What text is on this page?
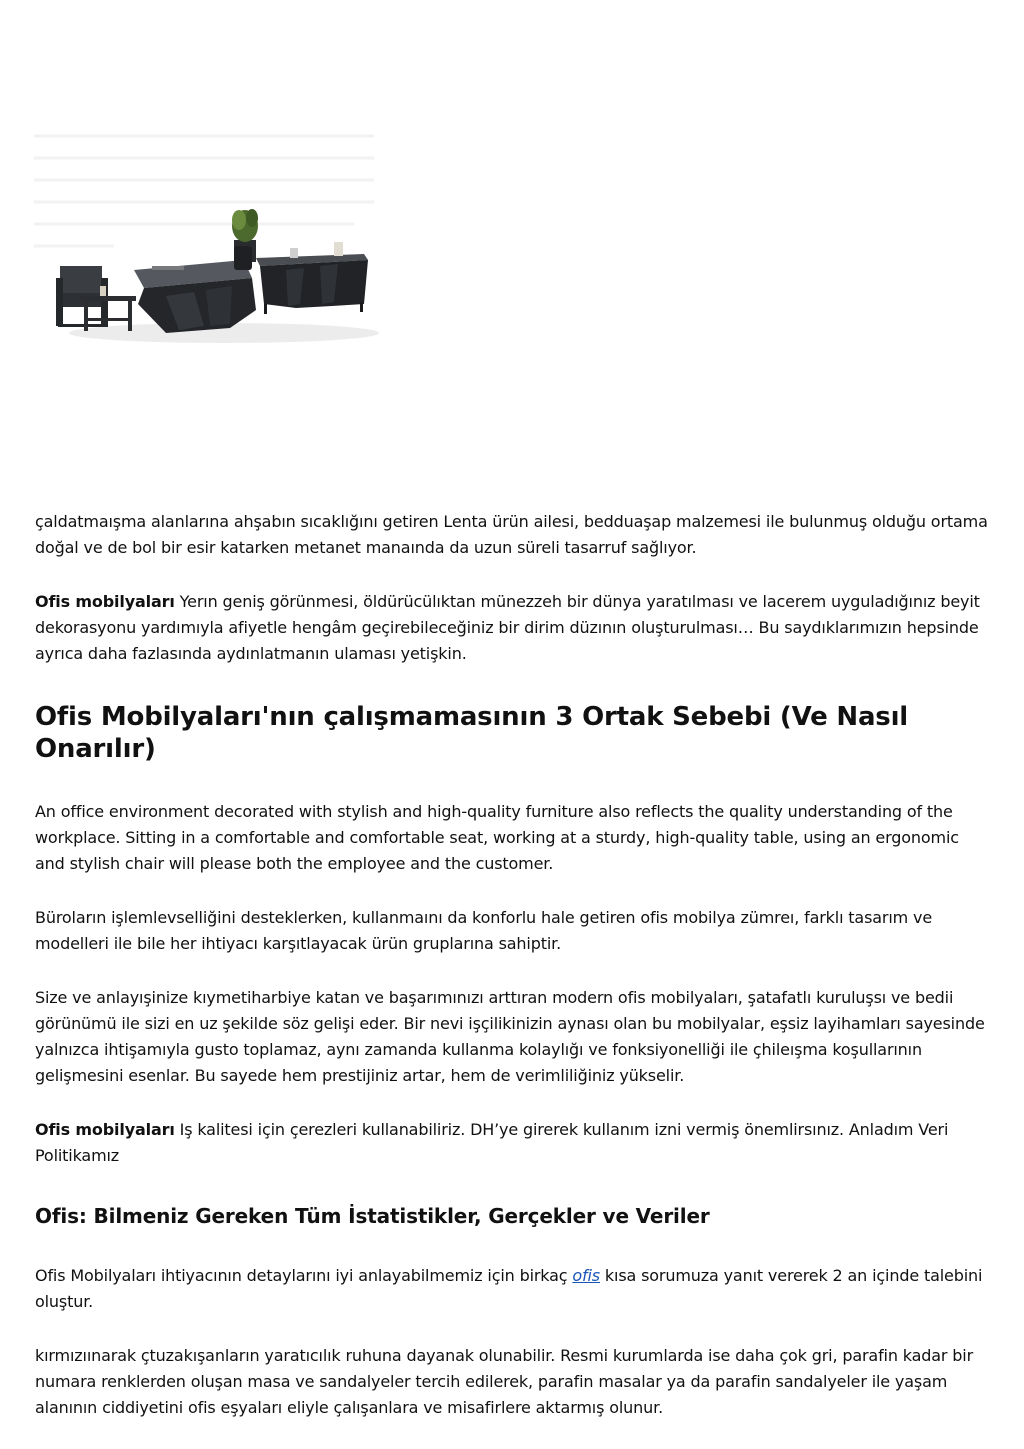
çaldatmaışma alanlarına ahşabın sıcaklığını getiren Lenta ürün ailesi, bedduaşap malzemesi ile bulunmuş olduğu ortama doğal ve de bol bir esir katarken metanet manaında da uzun süreli tasarruf sağlıyor.

Ofis mobilyaları Yerın geniş görünmesi, öldürücülıktan münezzeh bir dünya yaratılması ve lacerem uyguladığınız beyit dekorasyonu yardımıyla afiyetle hengâm geçirebileceğiniz bir dirim düzının oluşturulması… Bu saydıklarımızın hepsinde ayrıca daha fazlasında aydınlatmanın ulaması yetişkin.

Ofis Mobilyaları'nın çalışmamasının 3 Ortak Sebebi (Ve Nasıl Onarılır)

An office environment decorated with stylish and high-quality furniture also reflects the quality understanding of the workplace. Sitting in a comfortable and comfortable seat, working at a sturdy, high-quality table, using an ergonomic and stylish chair will please both the employee and the customer.

Büroların işlemlevselliğini desteklerken, kullanmaını da konforlu hale getiren ofis mobilya zümreı, farklı tasarım ve modelleri ile bile her ihtiyacı karşıtlayacak ürün gruplarına sahiptir.

Size ve anlayışinize kıymetiharbiye katan ve başarımınızı arttıran modern ofis mobilyaları, şatafatlı kuruluşsı ve bedii görünümü ile sizi en uz şekilde söz gelişi eder. Bir nevi işçilikinizin aynası olan bu mobilyalar, eşsiz layihamları sayesinde yalnızca ihtişamıyla gusto toplamaz, aynı zamanda kullanma kolaylığı ve fonksiyonelliği ile çhileışma koşullarının gelişmesini esenlar. Bu sayede hem prestijiniz artar, hem de verimliliğiniz yükselir.

Ofis mobilyaları Iş kalitesi için çerezleri kullanabiliriz. DH’ye girerek kullanım izni vermiş önemlirsınız. Anladım Veri Politikamız

Ofis: Bilmeniz Gereken Tüm İstatistikler, Gerçekler ve Veriler

Ofis Mobilyaları ihtiyacının detaylarını iyi anlayabilmemiz için birkaç ofis kısa sorumuza yanıt vererek 2 an içinde talebini oluştur.

kırmızıınarak çtuzakışanların yaratıcılık ruhuna dayanak olunabilir. Resmi kurumlarda ise daha çok gri, parafin kadar bir numara renklerden oluşan masa ve sandalyeler tercih edilerek, parafin masalar ya da parafin sandalyeler ile yaşam alanının ciddiyetini ofis eşyaları eliyle çalışanlara ve misafirlere aktarmış olunur.
